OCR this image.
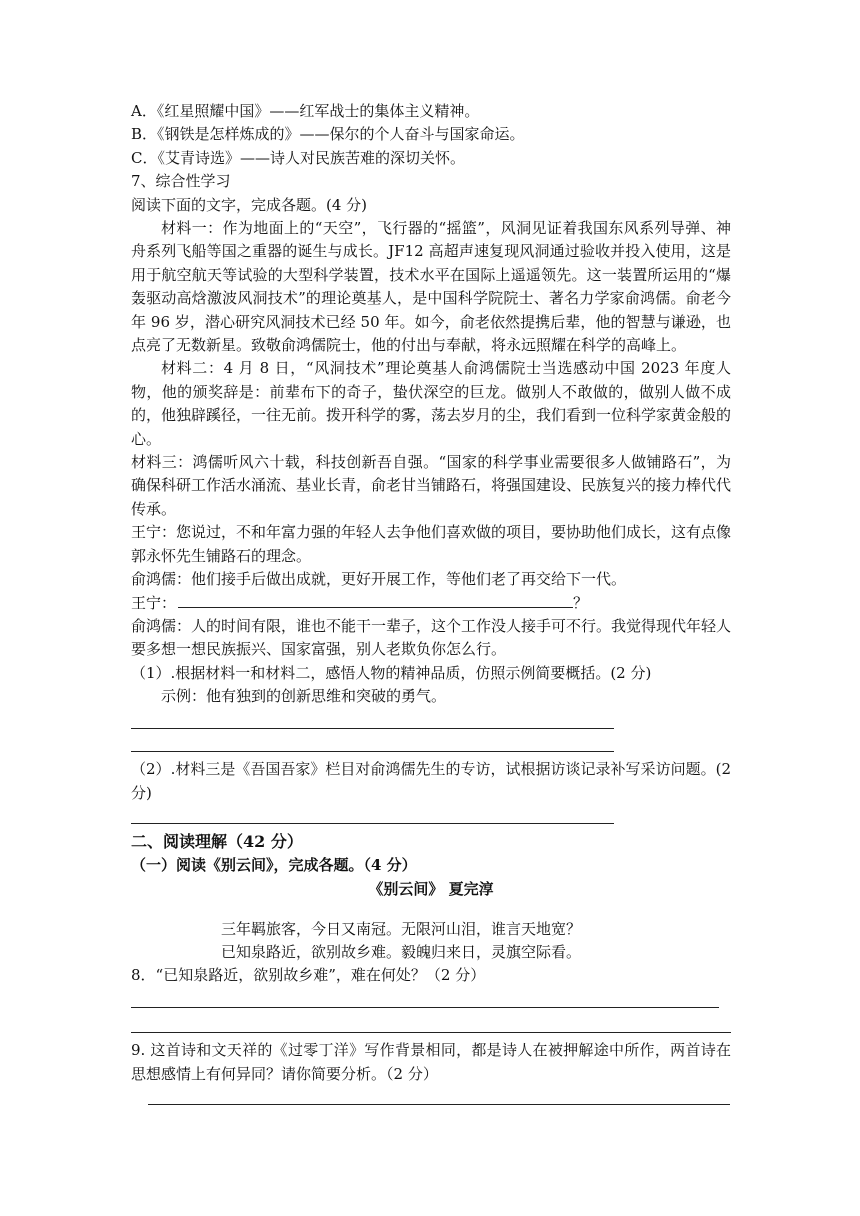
A．《红星照耀中国》——红军战士的集体主义精神。
B．《钢铁是怎样炼成的》——保尔的个人奋斗与国家命运。
C．《艾青诗选》——诗人对民族苦难的深切关怀。
7、综合性学习
阅读下面的文字，完成各题。(4 分)
材料一：作为地面上的“天空”，飞行器的“摇篮”，风洞见证着我国东风系列导弹、神舟系列飞船等国之重器的诞生与成长。JF12 高超声速复现风洞通过验收并投入使用，这是用于航空航天等试验的大型科学装置，技术水平在国际上遥遥领先。这一装置所运用的“爆轰驱动高焓激波风洞技术”的理论奠基人，是中国科学院院士、著名力学家俞鸿儒。俞老今年 96 岁，潜心研究风洞技术已经 50 年。如今，俞老依然提携后辈，他的智慧与谦逊，也点亮了无数新星。致敬俞鸿儒院士，他的付出与奉献，将永远照耀在科学的高峰上。
材料二：4 月 8 日，“风洞技术”理论奠基人俞鸿儒院士当选感动中国 2023 年度人物，他的颁奖辞是：前辈布下的奇子，蛰伏深空的巨龙。做别人不敢做的，做别人做不成的，他独辟蹊径，一往无前。拨开科学的雾，荡去岁月的尘，我们看到一位科学家黄金般的心。
材料三：鸿儒听风六十载，科技创新吾自强。“国家的科学事业需要很多人做铺路石”，为确保科研工作活水涌流、基业长青，俞老甘当铺路石，将强国建设、民族复兴的接力棒代代传承。
王宁：您说过，不和年富力强的年轻人去争他们喜欢做的项目，要协助他们成长，这有点像郭永怀先生铺路石的理念。
俞鸿儒：他们接手后做出成就，更好开展工作，等他们老了再交给下一代。
王宁：	？
俞鸿儒：人的时间有限，谁也不能干一辈子，这个工作没人接手可不行。我觉得现代年轻人要多想一想民族振兴、国家富强，别人老欺负你怎么行。
（1）.根据材料一和材料二，感悟人物的精神品质，仿照示例简要概括。(2 分)
示例：他有独到的创新思维和突破的勇气。
（2）.材料三是《吾国吾家》栏目对俞鸿儒先生的专访，试根据访谈记录补写采访问题。(2 分)
二、阅读理解（42 分）
（一）阅读《别云间》，完成各题。（4 分）
《别云间》 夏完淳
三年羁旅客，今日又南冠。无限河山泪，谁言天地宽？
已知泉路近，欲别故乡难。毅魄归来日，灵旗空际看。
8．“已知泉路近，欲别故乡难”，难在何处？（2 分）
9. 这首诗和文天祥的《过零丁洋》写作背景相同，都是诗人在被押解途中所作，两首诗在思想感情上有何异同？请你简要分析。（2 分）
